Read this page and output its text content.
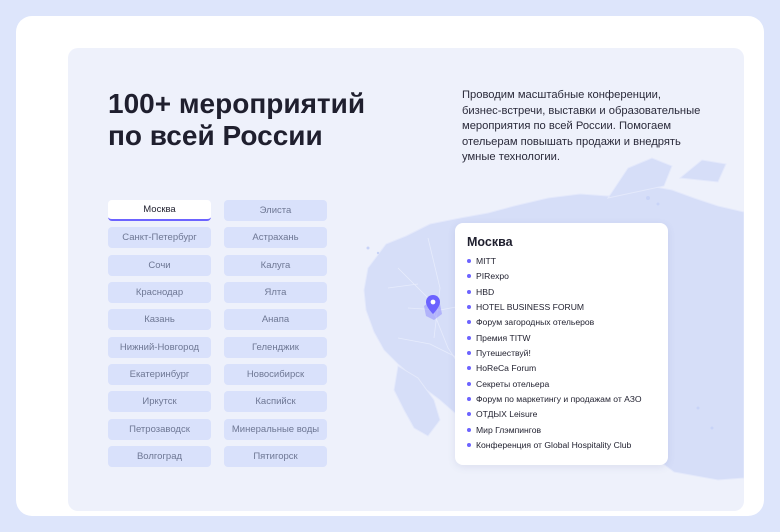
100+ мероприятий
по всей России

Проводим масштабные конференции, бизнес-встречи, выставки и образовательные мероприятия по всей России. Помогаем отельерам повышать продажи и внедрять умные технологии.

Москва
Санкт-Петербург
Сочи
Краснодар
Казань
Нижний-Новгород
Екатеринбург
Иркутск
Петрозаводск
Волгоград
Элиста
Астрахань
Калуга
Ялта
Анапа
Геленджик
Новосибирск
Каспийск
Минеральные воды
Пятигорск
Москва
MITT
PIRexpo
HBD
HOTEL BUSINESS FORUM
Форум загородных отельеров
Премия TITW
Путешествуй!
HoReCa Forum
Секреты отельера
Форум по маркетингу и продажам от АЗО
ОТДЫХ Leisure
Мир Глэмпингов
Конференция от Global Hospitality Club
